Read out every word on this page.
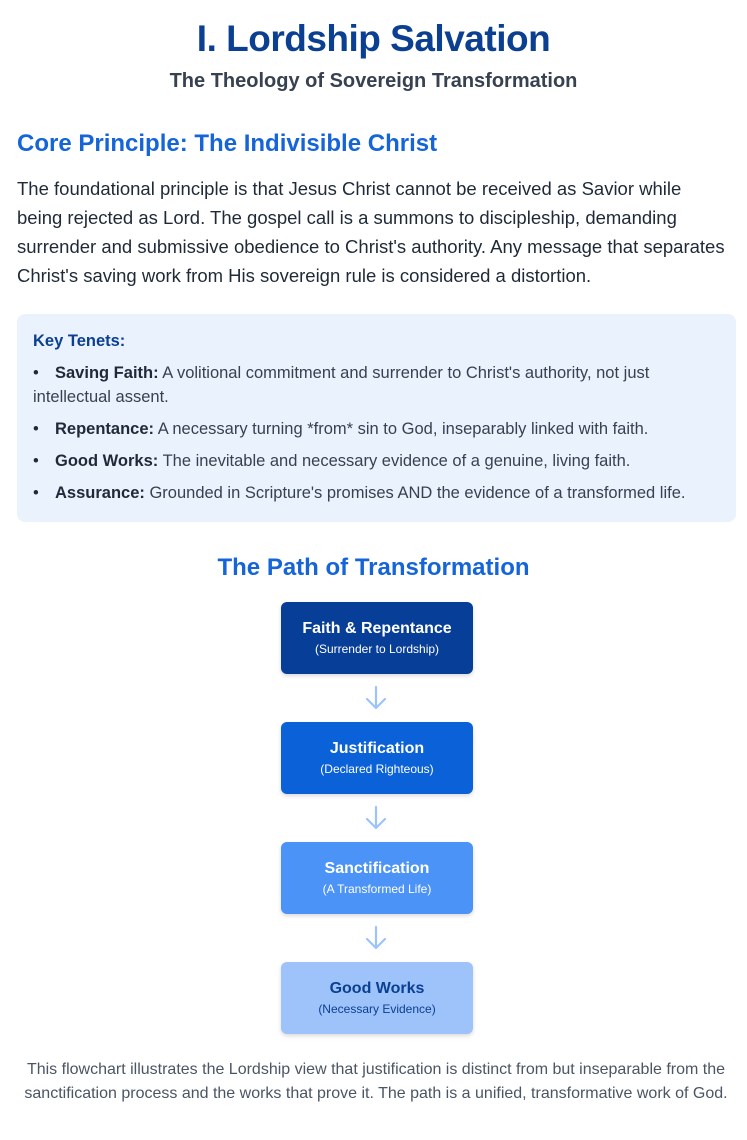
I. Lordship Salvation
The Theology of Sovereign Transformation
Core Principle: The Indivisible Christ

The foundational principle is that Jesus Christ cannot be received as Savior while being rejected as Lord. The gospel call is a summons to discipleship, demanding surrender and submissive obedience to Christ's authority. Any message that separates Christ's saving work from His sovereign rule is considered a distortion.

Key Tenets:
Saving Faith: A volitional commitment and surrender to Christ's authority, not just intellectual assent.
Repentance: A necessary turning *from* sin to God, inseparably linked with faith.
Good Works: The inevitable and necessary evidence of a genuine, living faith.
Assurance: Grounded in Scripture's promises AND the evidence of a transformed life.
The Path of Transformation
Faith & Repentance
(Surrender to Lordship)
Justification
(Declared Righteous)
Sanctification
(A Transformed Life)
Good Works
(Necessary Evidence)

This flowchart illustrates the Lordship view that justification is distinct from but inseparable from the sanctification process and the works that prove it. The path is a unified, transformative work of God.
